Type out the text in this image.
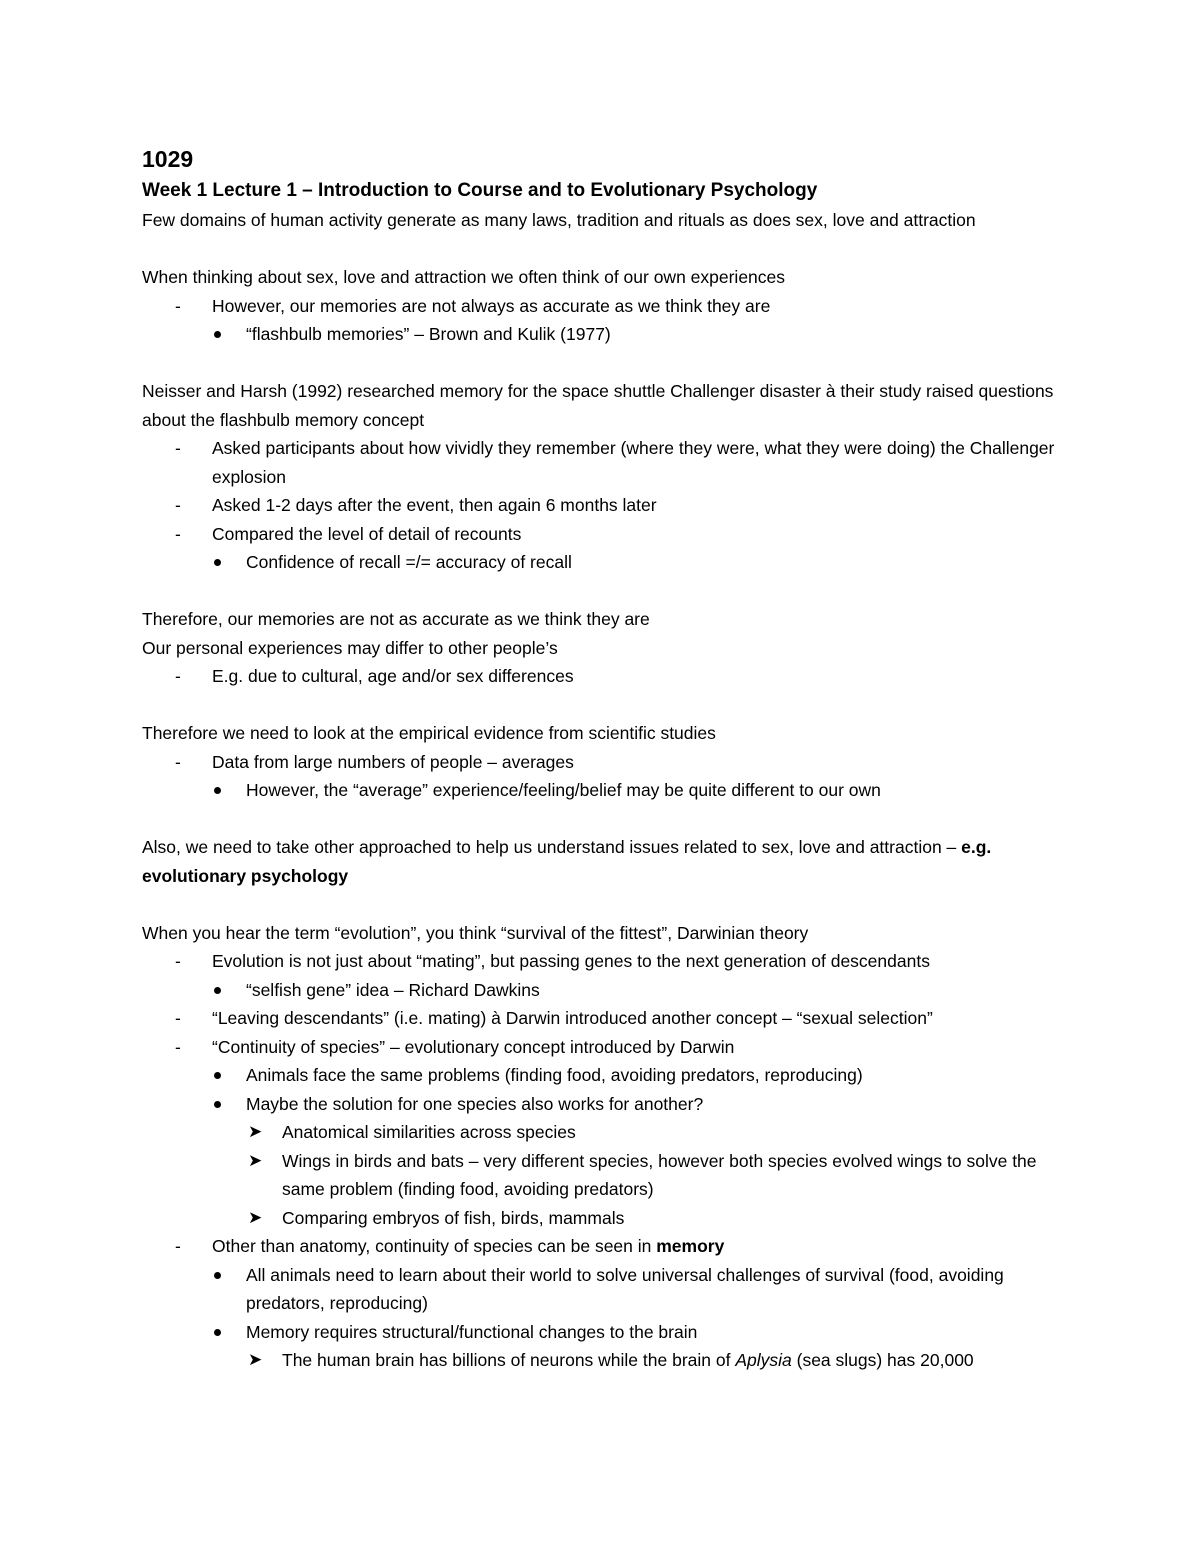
1029

Week 1 Lecture 1 – Introduction to Course and to Evolutionary Psychology

Few domains of human activity generate as many laws, tradition and rituals as does sex, love and attraction

When thinking about sex, love and attraction we often think of our own experiences

-
However, our memories are not always as accurate as we think they are
“flashbulb memories” – Brown and Kulik (1977)

Neisser and Harsh (1992) researched memory for the space shuttle Challenger disaster à their study raised questions about the flashbulb memory concept

-
Asked participants about how vividly they remember (where they were, what they were doing) the Challenger explosion
-
Asked 1-2 days after the event, then again 6 months later
-
Compared the level of detail of recounts
Confidence of recall =/= accuracy of recall

Therefore, our memories are not as accurate as we think they are

Our personal experiences may differ to other people’s

-
E.g. due to cultural, age and/or sex differences

Therefore we need to look at the empirical evidence from scientific studies

-
Data from large numbers of people – averages
However, the “average” experience/feeling/belief may be quite different to our own

Also, we need to take other approached to help us understand issues related to sex, love and attraction – e.g. evolutionary psychology

When you hear the term “evolution”, you think “survival of the fittest”, Darwinian theory

-
Evolution is not just about “mating”, but passing genes to the next generation of descendants
“selfish gene” idea – Richard Dawkins
-
“Leaving descendants” (i.e. mating) à Darwin introduced another concept – “sexual selection”
-
“Continuity of species” – evolutionary concept introduced by Darwin
Animals face the same problems (finding food, avoiding predators, reproducing)
Maybe the solution for one species also works for another?
➤ Anatomical similarities across species
➤ Wings in birds and bats – very different species, however both species evolved wings to solve the same problem (finding food, avoiding predators)
➤ Comparing embryos of fish, birds, mammals
-
Other than anatomy, continuity of species can be seen in memory
All animals need to learn about their world to solve universal challenges of survival (food, avoiding predators, reproducing)
Memory requires structural/functional changes to the brain
➤ The human brain has billions of neurons while the brain of Aplysia (sea slugs) has 20,000
